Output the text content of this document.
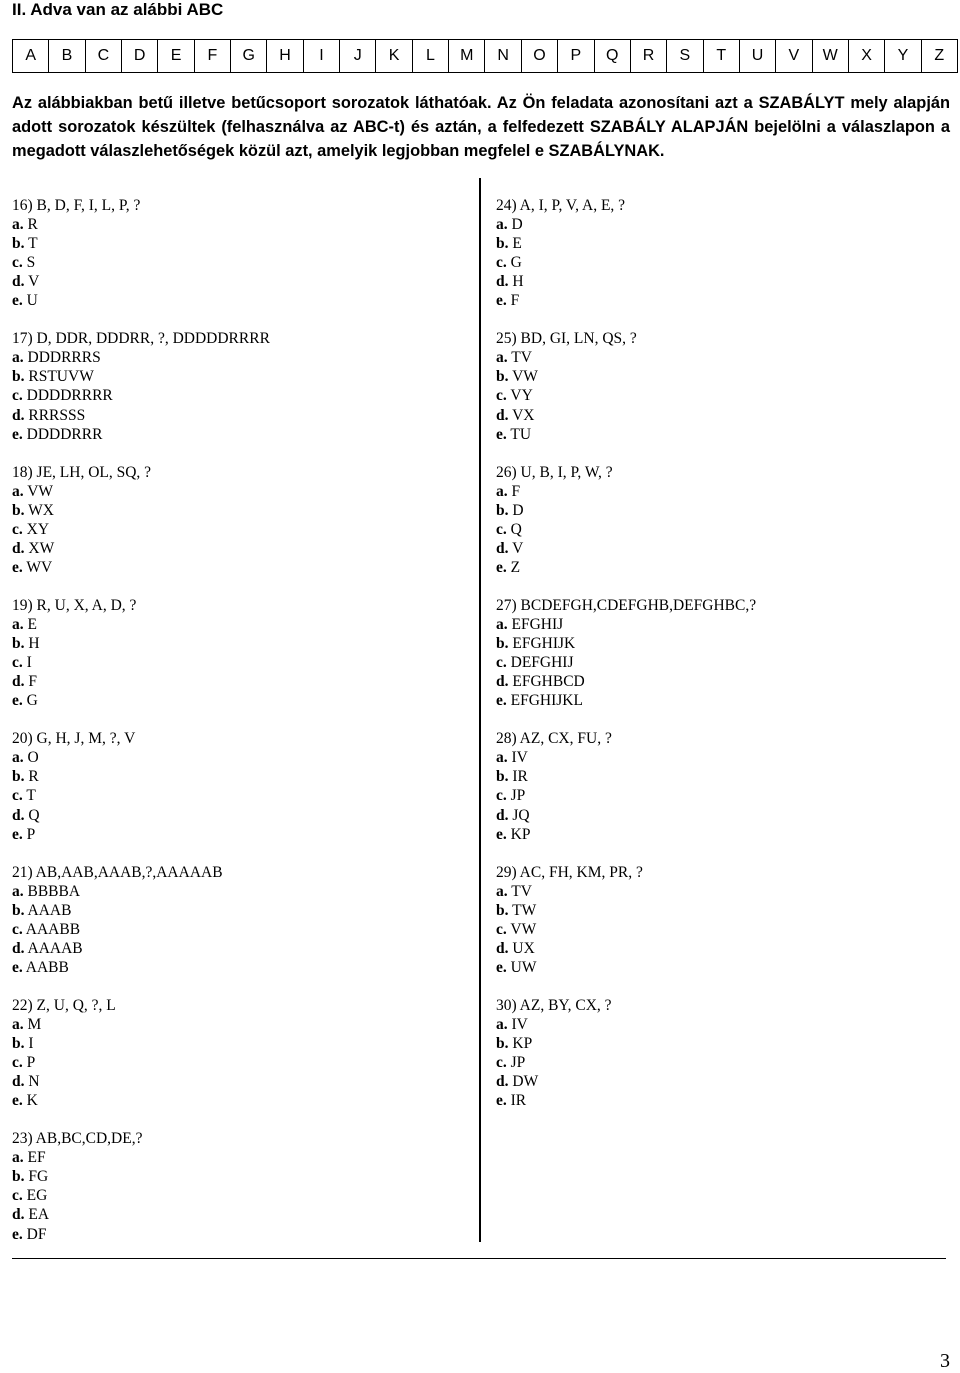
II. Adva van az alábbi ABC
A	B	C	D	E	F	G	H	I	J	K	L	M	N	O	P	Q	R	S	T	U	V	W	X	Y	Z

Az alábbiakban betű illetve betűcsoport sorozatok láthatóak. Az Ön feladata azonosítani azt a SZABÁLYT mely alapján adott sorozatok készültek (felhasználva az ABC-t) és aztán, a felfedezett SZABÁLY ALAPJÁN bejelölni a válaszlapon a megadott válaszlehetőségek közül azt, amelyik legjobban megfelel e SZABÁLYNAK.

16) B, D, F, I, L, P, ?
a. R
b. T
c. S
d. V
e. U
17) D, DDR, DDDRR, ?, DDDDDRRRR
a. DDDRRRS
b. RSTUVW
c. DDDDRRRR
d. RRRSSS
e. DDDDRRR
18) JE, LH, OL, SQ, ?
a. VW
b. WX
c. XY
d. XW
e. WV
19) R, U, X, A, D, ?
a. E
b. H
c. I
d. F
e. G
20) G, H, J, M, ?, V
a. O
b. R
c. T
d. Q
e. P
21) AB,AAB,AAAB,?,AAAAAB
a. BBBBA
b. AAAB
c. AAABB
d. AAAAB
e. AABB
22) Z, U, Q, ?, L
a. M
b. I
c. P
d. N
e. K
23) AB,BC,CD,DE,?
a. EF
b. FG
c. EG
d. EA
e. DF
24) A, I, P, V, A, E, ?
a. D
b. E
c. G
d. H
e. F
25) BD, GI, LN, QS, ?
a. TV
b. VW
c. VY
d. VX
e. TU
26) U, B, I, P, W, ?
a. F
b. D
c. Q
d. V
e. Z
27) BCDEFGH,CDEFGHB,DEFGHBC,?
a. EFGHIJ
b. EFGHIJK
c. DEFGHIJ
d. EFGHBCD
e. EFGHIJKL
28) AZ, CX, FU, ?
a. IV
b. IR
c. JP
d. JQ
e. KP
29) AC, FH, KM, PR, ?
a. TV
b. TW
c. VW
d. UX
e. UW
30) AZ, BY, CX, ?
a. IV
b. KP
c. JP
d. DW
e. IR
3
